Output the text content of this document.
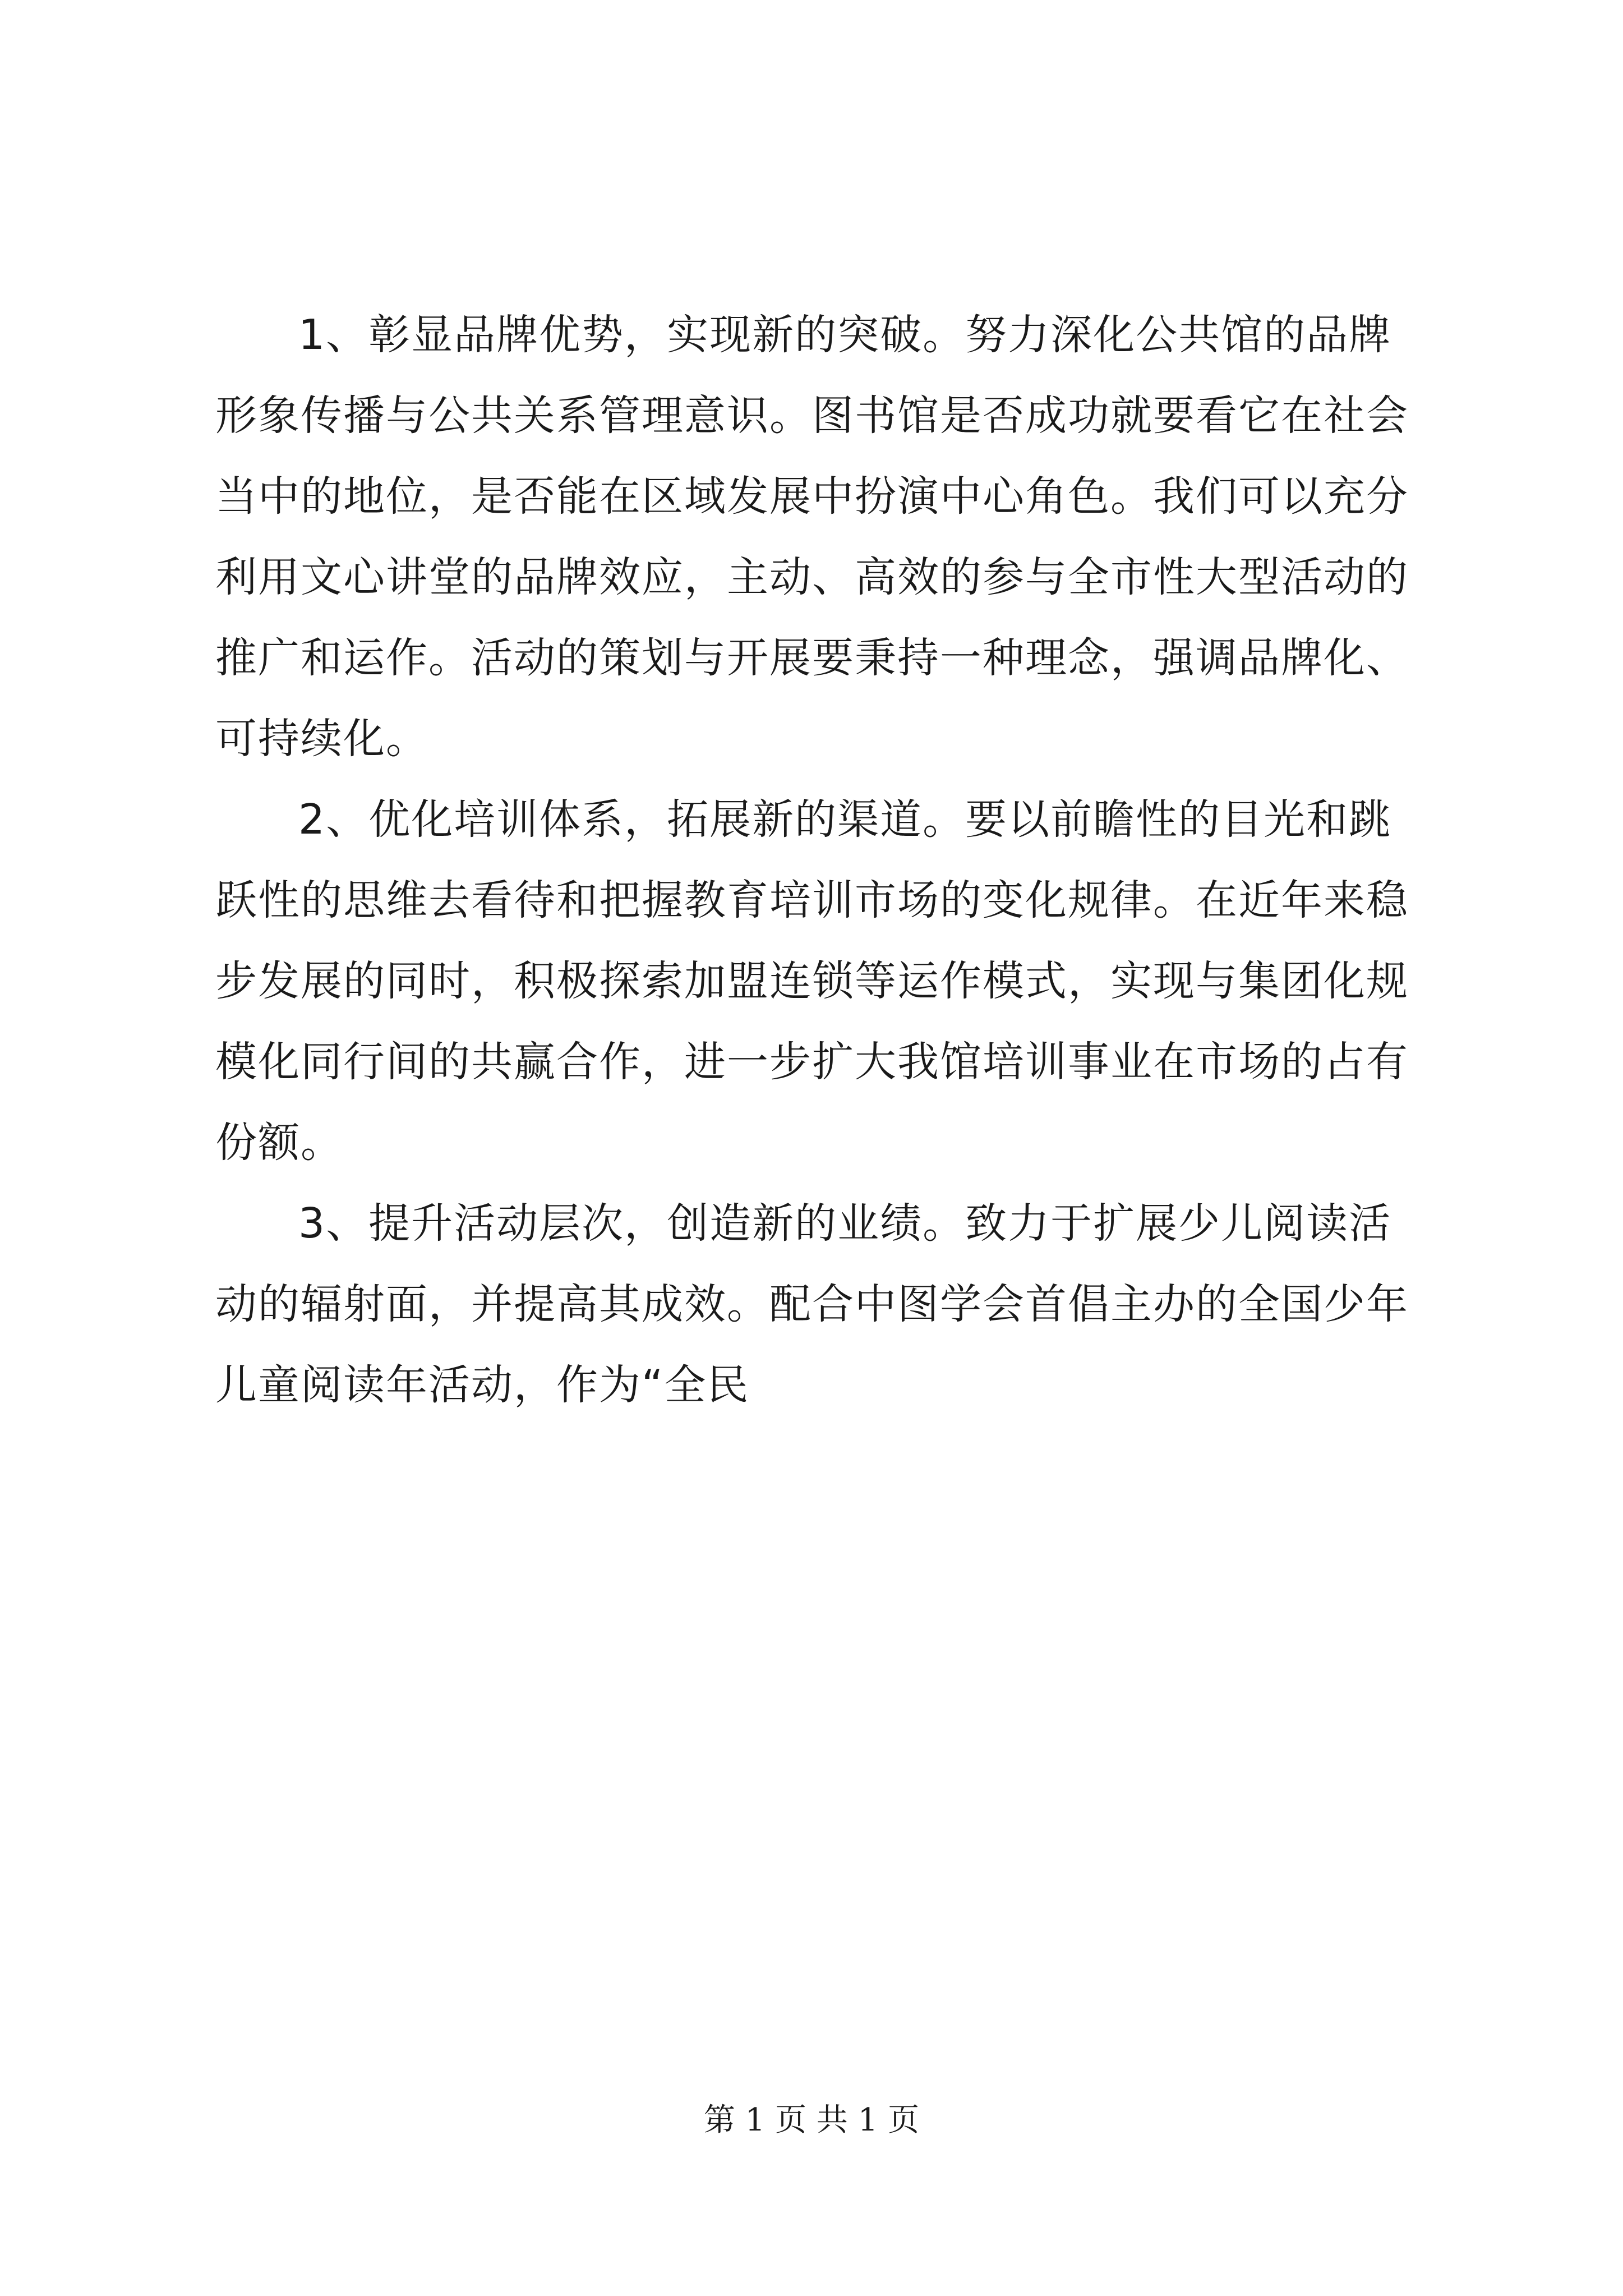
1、彰显品牌优势，实现新的突破。努力深化公共馆的品牌
形象传播与公共关系管理意识。图书馆是否成功就要看它在社会
当中的地位，是否能在区域发展中扮演中心角色。我们可以充分
利用文心讲堂的品牌效应，主动、高效的参与全市性大型活动的
推广和运作。活动的策划与开展要秉持一种理念，强调品牌化、
可持续化。
2、优化培训体系，拓展新的渠道。要以前瞻性的目光和跳
跃性的思维去看待和把握教育培训市场的变化规律。在近年来稳
步发展的同时，积极探索加盟连锁等运作模式，实现与集团化规
模化同行间的共赢合作，进一步扩大我馆培训事业在市场的占有
份额。
3、提升活动层次，创造新的业绩。致力于扩展少儿阅读活
动的辐射面，并提高其成效。配合中图学会首倡主办的全国少年
儿童阅读年活动，作为“全民
第 1 页 共 1 页
